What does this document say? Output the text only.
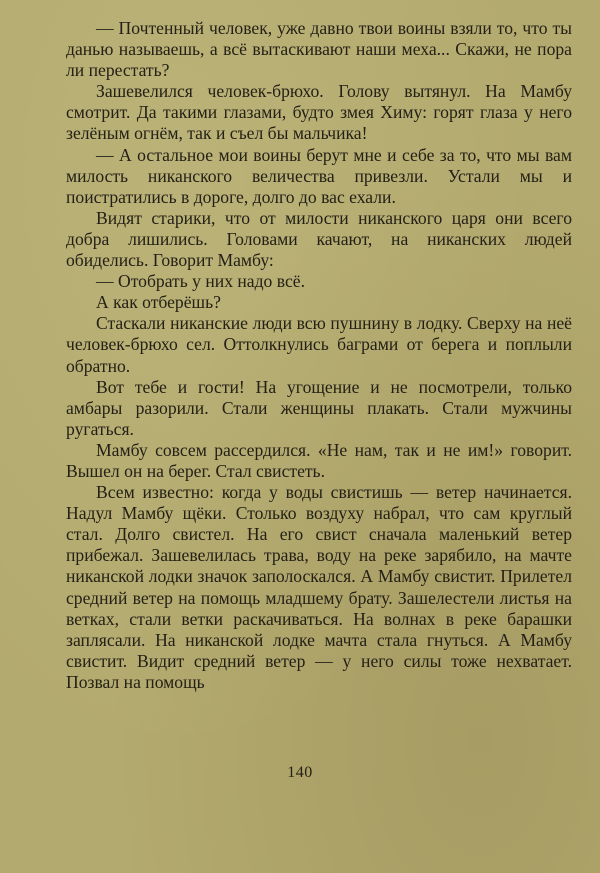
— Почтенный человек, уже давно твои воины взяли то, что ты данью называешь, а всё вытаскивают наши меха... Скажи, не пора ли перестать?

Зашевелился человек-брюхо. Голову вытянул. На Мамбу смотрит. Да такими глазами, будто змея Химу: горят глаза у него зелёным огнём, так и съел бы мальчика!

— А остальное мои воины берут мне и себе за то, что мы вам милость никанского величества привезли. Устали мы и поистратились в дороге, долго до вас ехали.

Видят старики, что от милости никанского царя они всего добра лишились. Головами качают, на никанских людей обиделись. Говорит Мамбу:

— Отобрать у них надо всё.

А как отберёшь?

Стаскали никанские люди всю пушнину в лодку. Сверху на неё человек-брюхо сел. Оттолкнулись баграми от берега и поплыли обратно.

Вот тебе и гости! На угощение и не посмотрели, только амбары разорили. Стали женщины плакать. Стали мужчины ругаться.

Мамбу совсем рассердился. «Не нам, так и не им!» говорит. Вышел он на берег. Стал свистеть.

Всем известно: когда у воды свистишь — ветер начинается. Надул Мамбу щёки. Столько воздуху набрал, что сам круглый стал. Долго свистел. На его свист сначала маленький ветер прибежал. Зашевелилась трава, воду на реке зарябило, на мачте никанской лодки значок заполоскался. А Мамбу свистит. Прилетел средний ветер на помощь младшему брату. Зашелестели листья на ветках, стали ветки раскачиваться. На волнах в реке барашки заплясали. На никанской лодке мачта стала гнуться. А Мамбу свистит. Видит средний ветер — у него силы тоже нехватает. Позвал на помощь

140
